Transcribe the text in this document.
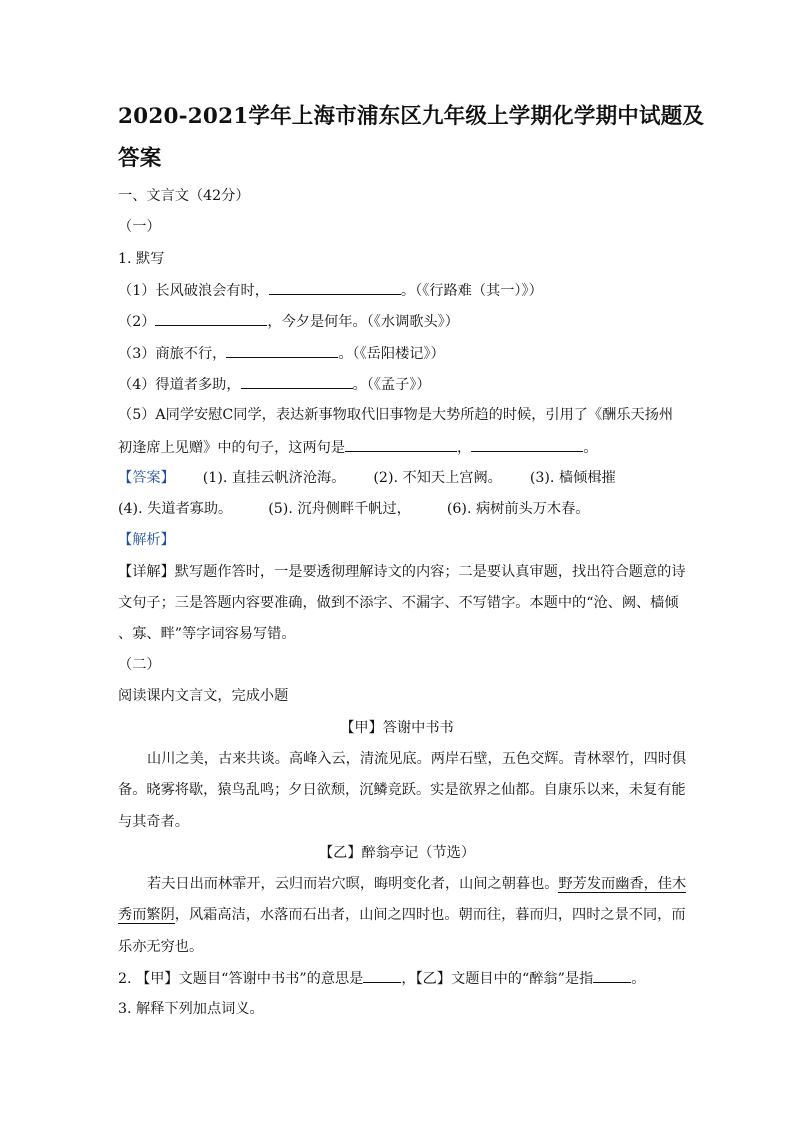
2020-2021学年上海市浦东区九年级上学期化学期中试题及
答案
一、文言文（42分）
（一）
1. 默写
（1）长风破浪会有时，	。（《行路难（其一）》）
（2）	，今夕是何年。（《水调歌头》）
（3）商旅不行，	。（《岳阳楼记》）
（4）得道者多助，	。（《孟子》）
（5）A同学安慰C同学，表达新事物取代旧事物是大势所趋的时候，引用了《酬乐天扬州
初逢席上见赠》中的句子，这两句是	，	。
【答案】 (1). 直挂云帆济沧海。 (2). 不知天上宫阙。 (3). 樯倾楫摧
(4). 失道者寡助。	(5). 沉舟侧畔千帆过，	(6). 病树前头万木春。
【解析】
【详解】默写题作答时，一是要透彻理解诗文的内容；二是要认真审题，找出符合题意的诗
文句子；三是答题内容要准确，做到不添字、不漏字、不写错字。本题中的“沧、阙、樯倾
、寡、畔”等字词容易写错。
（二）
阅读课内文言文，完成小题
【甲】答谢中书书
山川之美，古来共谈。高峰入云，清流见底。两岸石壁，五色交辉。青林翠竹，四时俱
备。晓雾将歇，猿鸟乱鸣；夕日欲颓，沉鳞竞跃。实是欲界之仙都。自康乐以来，未复有能
与其奇者。
【乙】醉翁亭记（节选）
若夫日出而林霏开，云归而岩穴暝，晦明变化者，山间之朝暮也。野芳发而幽香，佳木
秀而繁阴，风霜高洁，水落而石出者，山间之四时也。朝而往，暮而归，四时之景不同，而
乐亦无穷也。
2. 【甲】文题目“答谢中书书”的意思是	，【乙】文题目中的“醉翁”是指	。
3. 解释下列加点词义。
